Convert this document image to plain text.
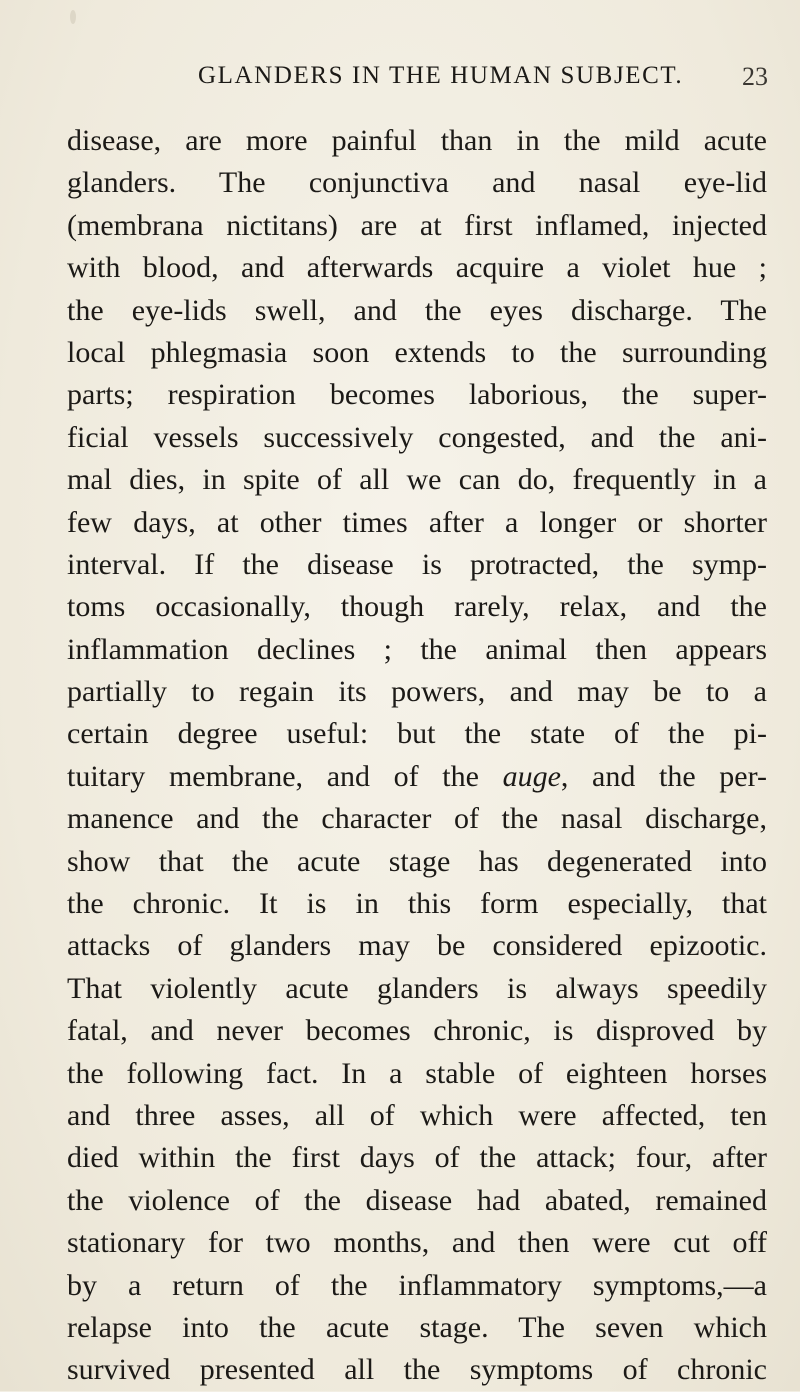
GLANDERS IN THE HUMAN SUBJECT. 23
disease, are more painful than in the mild acute
glanders. The conjunctiva and nasal eye-lid
(membrana nictitans) are at first inflamed, injected
with blood, and afterwards acquire a violet hue ;
the eye-lids swell, and the eyes discharge. The
local phlegmasia soon extends to the surrounding
parts; respiration becomes laborious, the super-
ficial vessels successively congested, and the ani-
mal dies, in spite of all we can do, frequently in a
few days, at other times after a longer or shorter
interval. If the disease is protracted, the symp-
toms occasionally, though rarely, relax, and the
inflammation declines ; the animal then appears
partially to regain its powers, and may be to a
certain degree useful: but the state of the pi-
tuitary membrane, and of the auge, and the per-
manence and the character of the nasal discharge,
show that the acute stage has degenerated into
the chronic. It is in this form especially, that
attacks of glanders may be considered epizootic.
That violently acute glanders is always speedily
fatal, and never becomes chronic, is disproved by
the following fact. In a stable of eighteen horses
and three asses, all of which were affected, ten
died within the first days of the attack; four, after
the violence of the disease had abated, remained
stationary for two months, and then were cut off
by a return of the inflammatory symptoms,—a
relapse into the acute stage. The seven which
survived presented all the symptoms of chronic
